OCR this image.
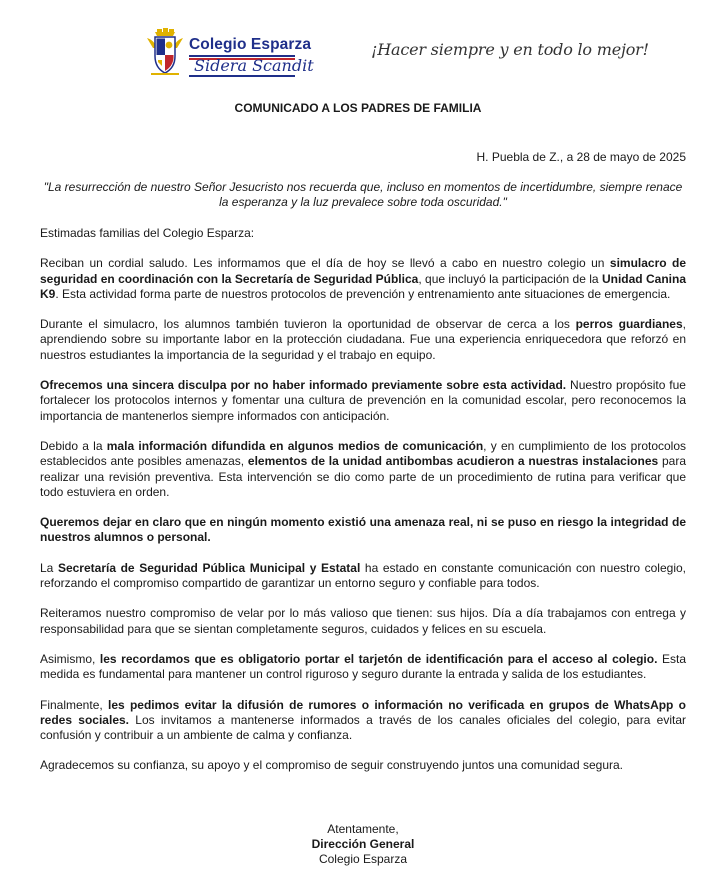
Colegio Esparza
Sidera Scandit
¡Hacer siempre y en todo lo mejor!
COMUNICADO A LOS PADRES DE FAMILIA
H. Puebla de Z., a 28 de mayo de 2025
"La resurrección de nuestro Señor Jesucristo nos recuerda que, incluso en momentos de incertidumbre, siempre renace la esperanza y la luz prevalece sobre toda oscuridad."

Estimadas familias del Colegio Esparza:

Reciban un cordial saludo. Les informamos que el día de hoy se llevó a cabo en nuestro colegio un simulacro de seguridad en coordinación con la Secretaría de Seguridad Pública, que incluyó la participación de la Unidad Canina K9. Esta actividad forma parte de nuestros protocolos de prevención y entrenamiento ante situaciones de emergencia.

Durante el simulacro, los alumnos también tuvieron la oportunidad de observar de cerca a los perros guardianes, aprendiendo sobre su importante labor en la protección ciudadana. Fue una experiencia enriquecedora que reforzó en nuestros estudiantes la importancia de la seguridad y el trabajo en equipo.

Ofrecemos una sincera disculpa por no haber informado previamente sobre esta actividad. Nuestro propósito fue fortalecer los protocolos internos y fomentar una cultura de prevención en la comunidad escolar, pero reconocemos la importancia de mantenerlos siempre informados con anticipación.

Debido a la mala información difundida en algunos medios de comunicación, y en cumplimiento de los protocolos establecidos ante posibles amenazas, elementos de la unidad antibombas acudieron a nuestras instalaciones para realizar una revisión preventiva. Esta intervención se dio como parte de un procedimiento de rutina para verificar que todo estuviera en orden.

Queremos dejar en claro que en ningún momento existió una amenaza real, ni se puso en riesgo la integridad de nuestros alumnos o personal.

La Secretaría de Seguridad Pública Municipal y Estatal ha estado en constante comunicación con nuestro colegio, reforzando el compromiso compartido de garantizar un entorno seguro y confiable para todos.

Reiteramos nuestro compromiso de velar por lo más valioso que tienen: sus hijos. Día a día trabajamos con entrega y responsabilidad para que se sientan completamente seguros, cuidados y felices en su escuela.

Asimismo, les recordamos que es obligatorio portar el tarjetón de identificación para el acceso al colegio. Esta medida es fundamental para mantener un control riguroso y seguro durante la entrada y salida de los estudiantes.

Finalmente, les pedimos evitar la difusión de rumores o información no verificada en grupos de WhatsApp o redes sociales. Los invitamos a mantenerse informados a través de los canales oficiales del colegio, para evitar confusión y contribuir a un ambiente de calma y confianza.

Agradecemos su confianza, su apoyo y el compromiso de seguir construyendo juntos una comunidad segura.

Atentamente,
Dirección General
Colegio Esparza
